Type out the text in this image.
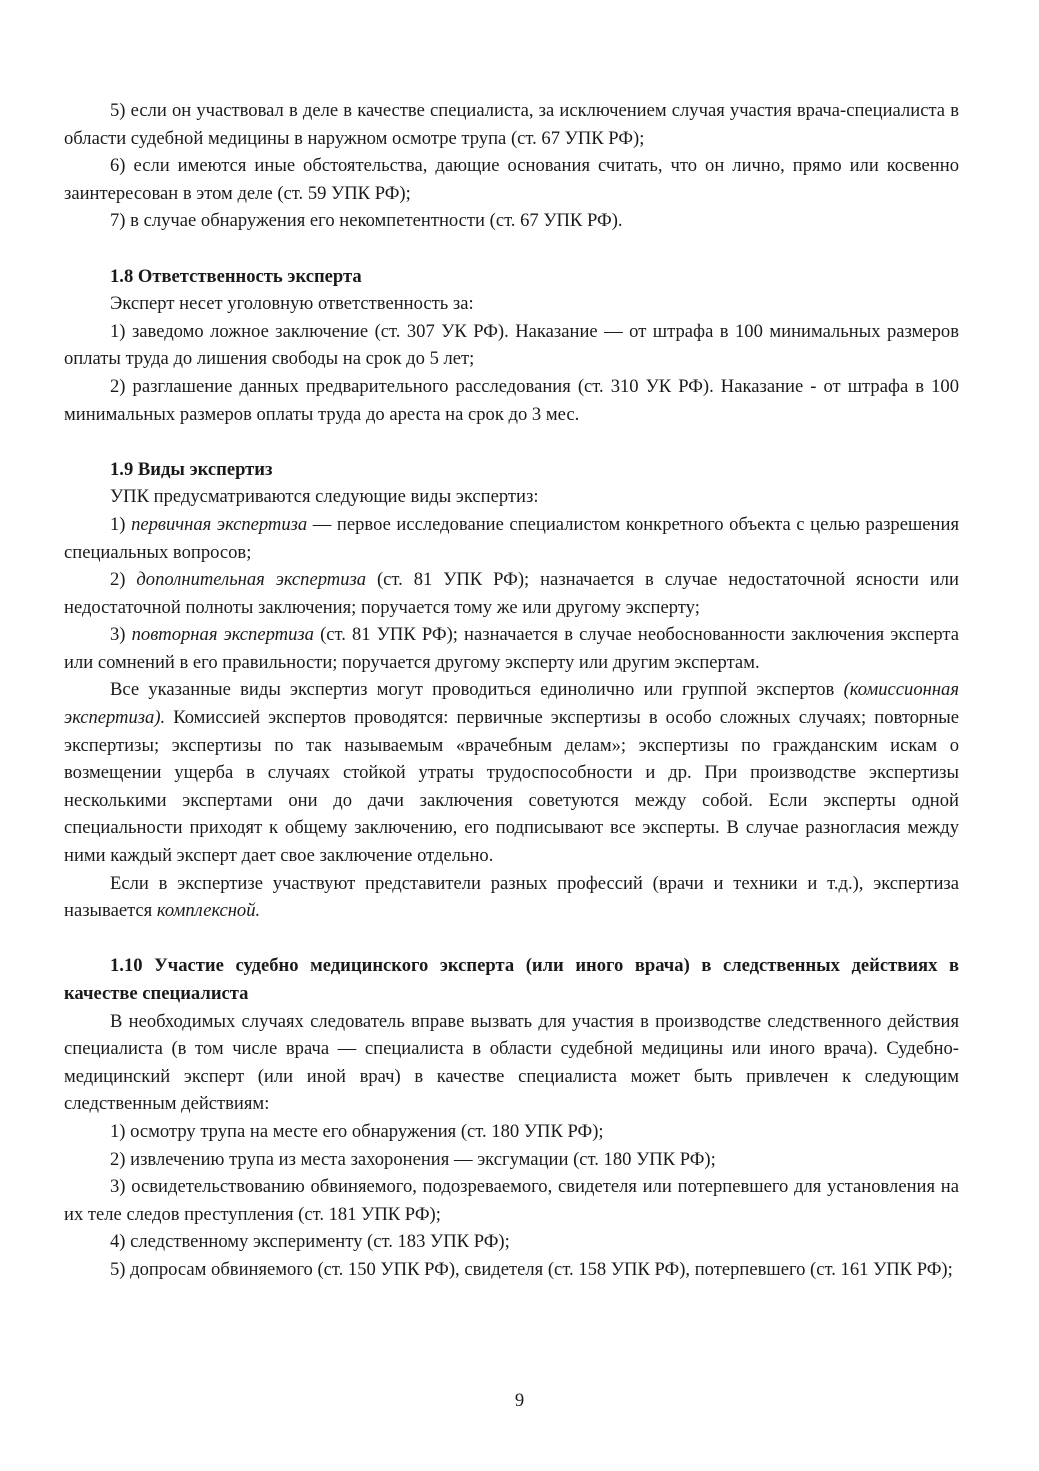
5) если он участвовал в деле в качестве специалиста, за исключением случая участия врача-специалиста в области судебной медицины в наружном осмотре трупа (ст. 67 УПК РФ);

6) если имеются иные обстоятельства, дающие основания считать, что он лично, прямо или косвенно заинтересован в этом деле (ст. 59 УПК РФ);

7) в случае обнаружения его некомпетентности (ст. 67 УПК РФ).

1.8 Ответственность эксперта

Эксперт несет уголовную ответственность за:

1) заведомо ложное заключение (ст. 307 УК РФ). Наказание — от штрафа в 100 минимальных размеров оплаты труда до лишения свободы на срок до 5 лет;

2) разглашение данных предварительного расследования (ст. 310 УК РФ). Наказание - от штрафа в 100 минимальных размеров оплаты труда до ареста на срок до 3 мес.

1.9 Виды экспертиз

УПК предусматриваются следующие виды экспертиз:

1) первичная экспертиза — первое исследование специалистом конкретного объекта с целью разрешения специальных вопросов;

2) дополнительная экспертиза (ст. 81 УПК РФ); назначается в случае недостаточной ясности или недостаточной полноты заключения; поручается тому же или другому эксперту;

3) повторная экспертиза (ст. 81 УПК РФ); назначается в случае необоснованности заключения эксперта или сомнений в его правильности; поручается другому эксперту или другим экспертам.

Все указанные виды экспертиз могут проводиться единолично или группой экспертов (комиссионная экспертиза). Комиссией экспертов проводятся: первичные экспертизы в особо сложных случаях; повторные экспертизы; экспертизы по так называемым «врачебным делам»; экспертизы по гражданским искам о возмещении ущерба в случаях стойкой утраты трудоспособности и др. При производстве экспертизы несколькими экспертами они до дачи заключения советуются между собой. Если эксперты одной специальности приходят к общему заключению, его подписывают все эксперты. В случае разногласия между ними каждый эксперт дает свое заключение отдельно.

Если в экспертизе участвуют представители разных профессий (врачи и техники и т.д.), экспертиза называется комплексной.

1.10 Участие судебно медицинского эксперта (или иного врача) в следственных действиях в качестве специалиста

В необходимых случаях следователь вправе вызвать для участия в производстве следственного действия специалиста (в том числе врача — специалиста в области судебной медицины или иного врача). Судебно-медицинский эксперт (или иной врач) в качестве специалиста может быть привлечен к следующим следственным действиям:

1) осмотру трупа на месте его обнаружения (ст. 180 УПК РФ);

2) извлечению трупа из места захоронения — эксгумации (ст. 180 УПК РФ);

3) освидетельствованию обвиняемого, подозреваемого, свидетеля или потерпевшего для установления на их теле следов преступления (ст. 181 УПК РФ);

4) следственному эксперименту (ст. 183 УПК РФ);

5) допросам обвиняемого (ст. 150 УПК РФ), свидетеля (ст. 158 УПК РФ), потерпевшего (ст. 161 УПК РФ);

9
